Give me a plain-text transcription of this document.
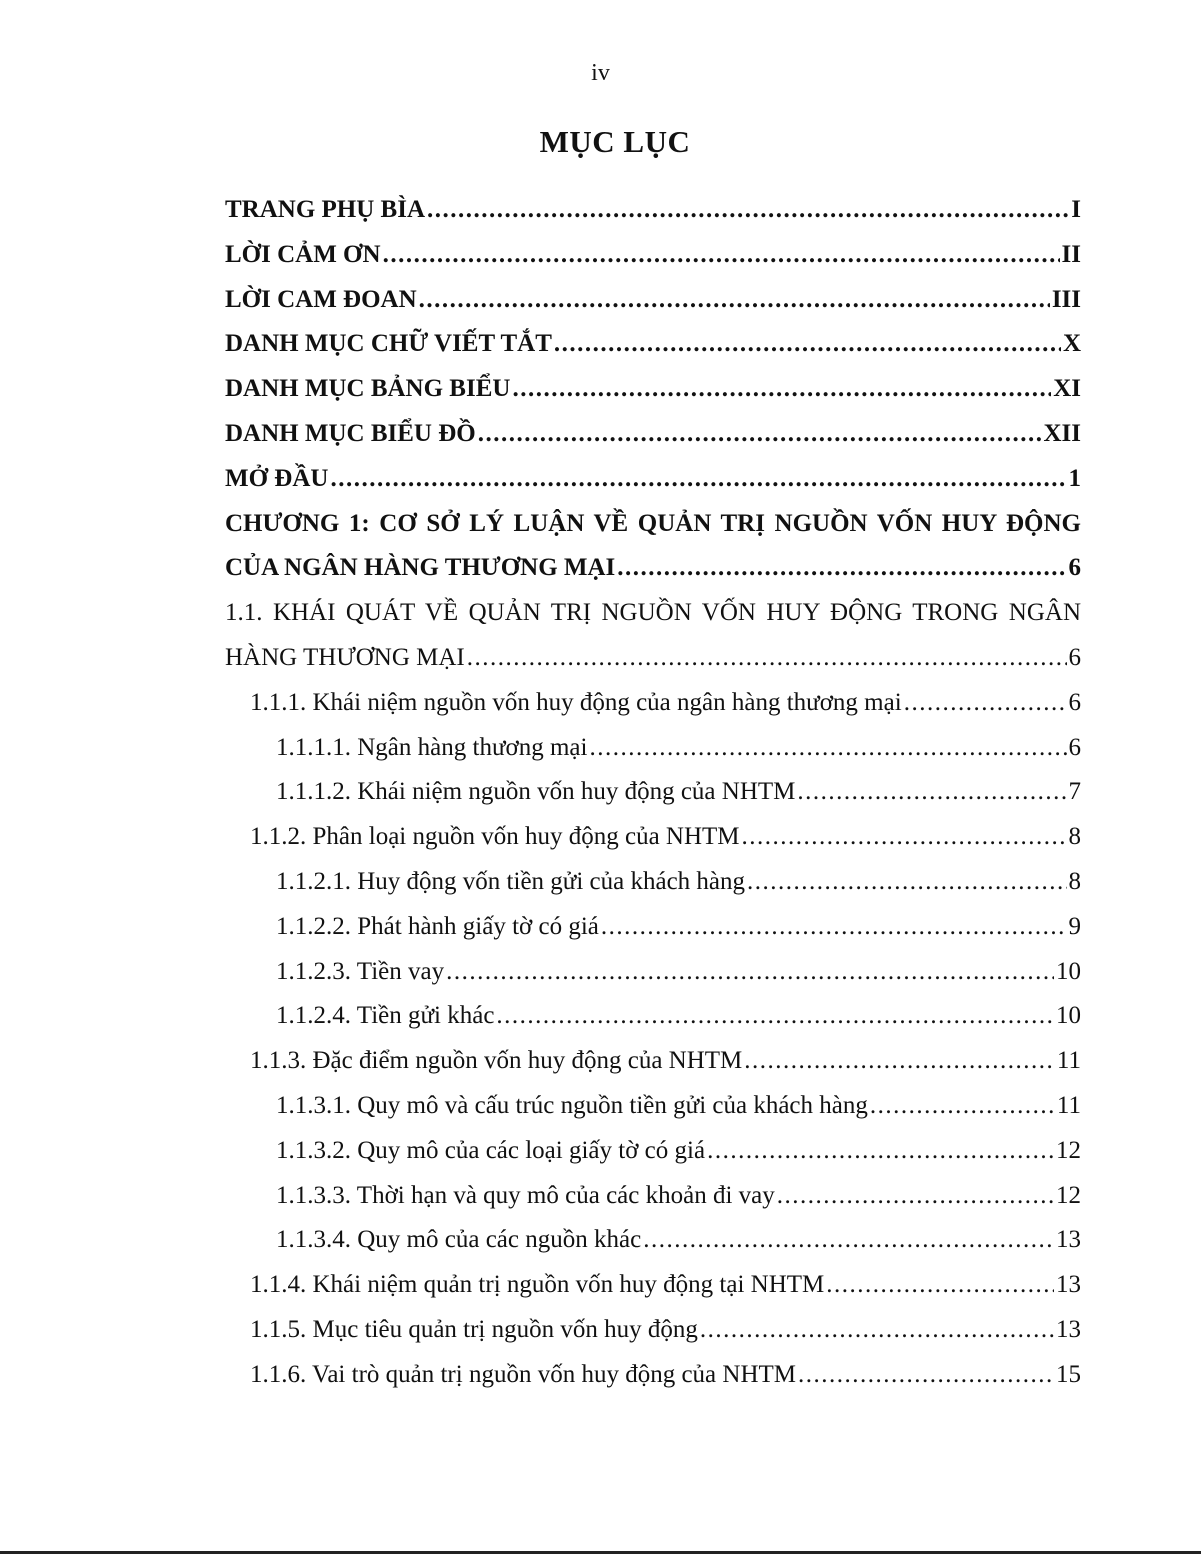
iv
MỤC LỤC
TRANG PHỤ BÌA .....	I
LỜI CẢM ƠN .....	II
LỜI CAM ĐOAN .....	III
DANH MỤC CHỮ VIẾT TẮT .....	X
DANH MỤC BẢNG BIỂU .....	XI
DANH MỤC BIỂU ĐỒ .....	XII
MỞ ĐẦU .....	1
CHƯƠNG 1: CƠ SỞ LÝ LUẬN VỀ QUẢN TRỊ NGUỒN VỐN HUY ĐỘNG
CỦA NGÂN HÀNG THƯƠNG MẠI .....	6
1.1. KHÁI QUÁT VỀ QUẢN TRỊ NGUỒN VỐN HUY ĐỘNG TRONG NGÂN
HÀNG THƯƠNG MẠI .....	6
1.1.1. Khái niệm nguồn vốn huy động của ngân hàng thương mại .....	6
1.1.1.1. Ngân hàng thương mại .....	6
1.1.1.2. Khái niệm nguồn vốn huy động của NHTM .....	7
1.1.2. Phân loại nguồn vốn huy động của NHTM .....	8
1.1.2.1. Huy động vốn tiền gửi của khách hàng .....	8
1.1.2.2. Phát hành giấy tờ có giá .....	9
1.1.2.3. Tiền vay .....	10
1.1.2.4. Tiền gửi khác .....	10
1.1.3. Đặc điểm nguồn vốn huy động của NHTM .....	11
1.1.3.1. Quy mô và cấu trúc nguồn tiền gửi của khách hàng .....	11
1.1.3.2. Quy mô của các loại giấy tờ có giá .....	12
1.1.3.3. Thời hạn và quy mô của các khoản đi vay .....	12
1.1.3.4. Quy mô của các nguồn khác .....	13
1.1.4. Khái niệm quản trị nguồn vốn huy động tại NHTM .....	13
1.1.5. Mục tiêu quản trị nguồn vốn huy động .....	13
1.1.6. Vai trò quản trị nguồn vốn huy động của NHTM .....	15
